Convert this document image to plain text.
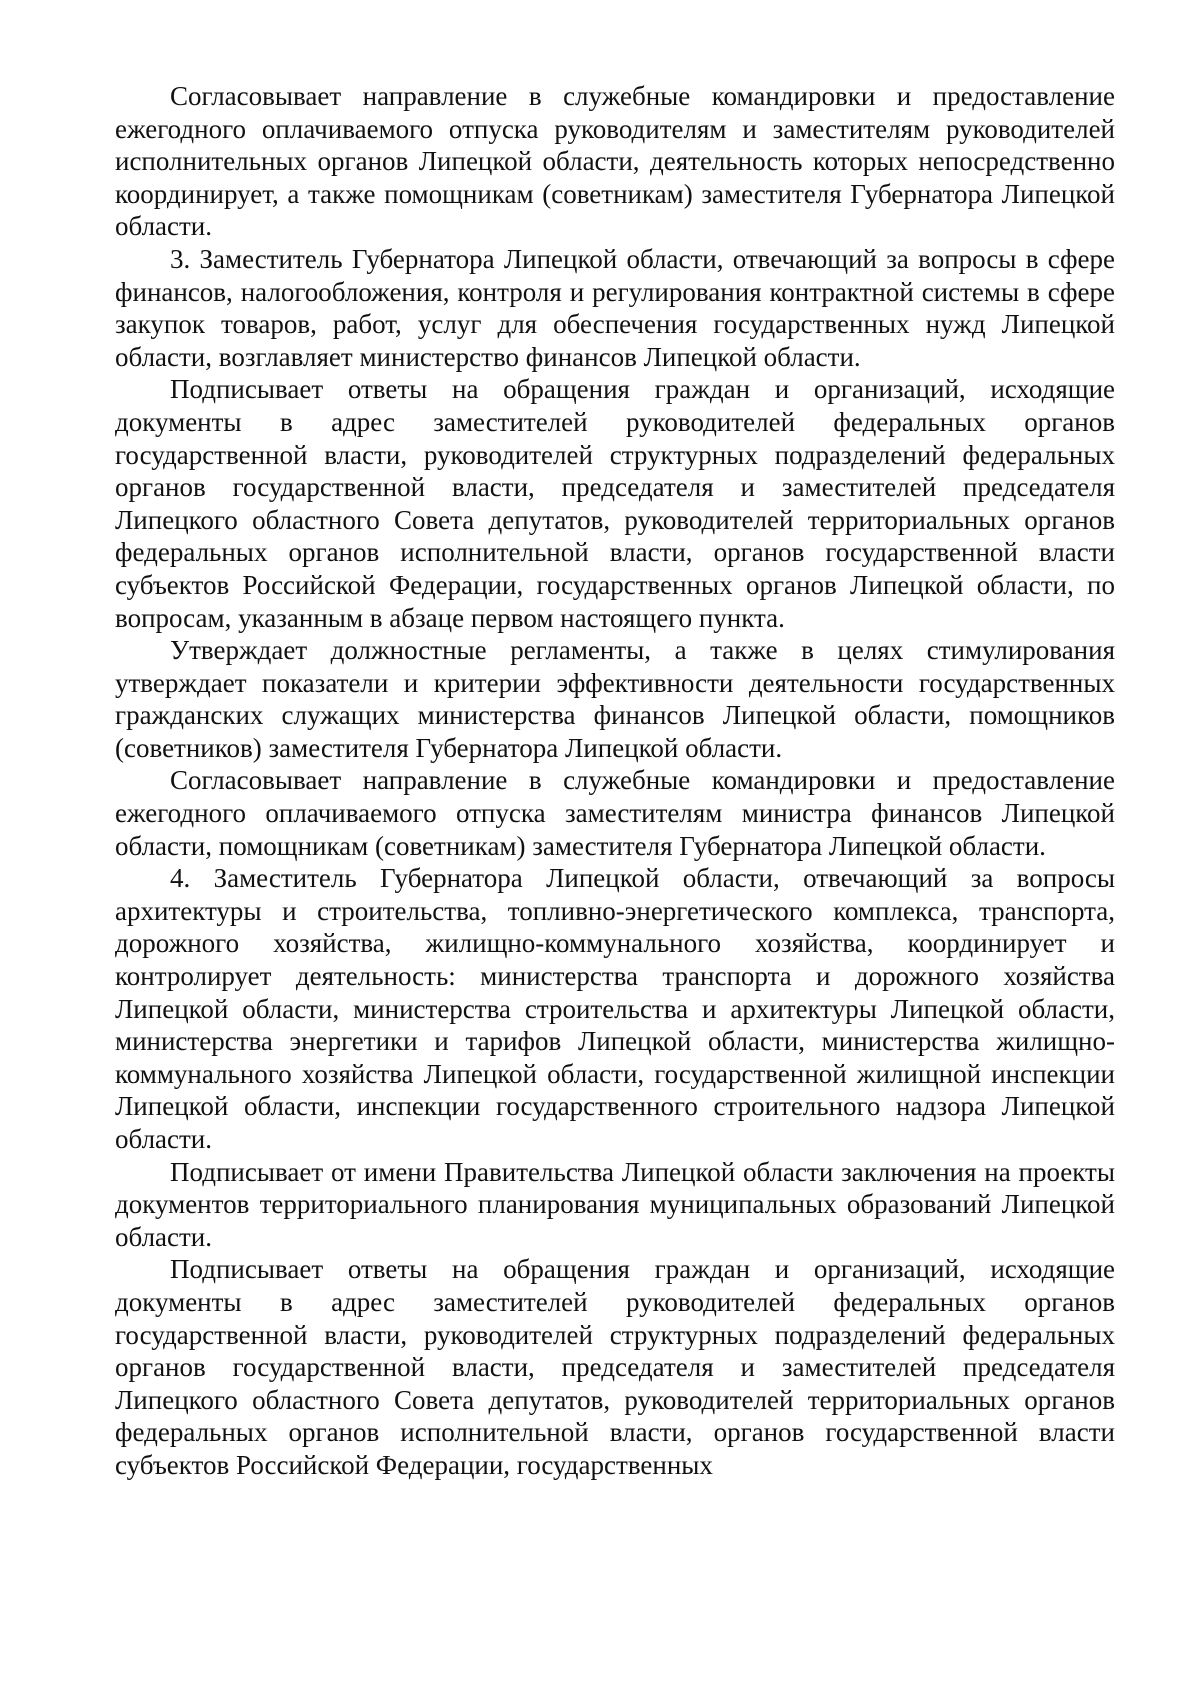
Согласовывает направление в служебные командировки и предоставление ежегодного оплачиваемого отпуска руководителям и заместителям руководителей исполнительных органов Липецкой области, деятельность которых непосредственно координирует, а также помощникам (советникам) заместителя Губернатора Липецкой области.

3. Заместитель Губернатора Липецкой области, отвечающий за вопросы в сфере финансов, налогообложения, контроля и регулирования контрактной системы в сфере закупок товаров, работ, услуг для обеспечения государственных нужд Липецкой области, возглавляет министерство финансов Липецкой области.

Подписывает ответы на обращения граждан и организаций, исходящие документы в адрес заместителей руководителей федеральных органов государственной власти, руководителей структурных подразделений федеральных органов государственной власти, председателя и заместителей председателя Липецкого областного Совета депутатов, руководителей территориальных органов федеральных органов исполнительной власти, органов государственной власти субъектов Российской Федерации, государственных органов Липецкой области, по вопросам, указанным в абзаце первом настоящего пункта.

Утверждает должностные регламенты, а также в целях стимулирования утверждает показатели и критерии эффективности деятельности государственных гражданских служащих министерства финансов Липецкой области, помощников (советников) заместителя Губернатора Липецкой области.

Согласовывает направление в служебные командировки и предоставление ежегодного оплачиваемого отпуска заместителям министра финансов Липецкой области, помощникам (советникам) заместителя Губернатора Липецкой области.

4. Заместитель Губернатора Липецкой области, отвечающий за вопросы архитектуры и строительства, топливно-энергетического комплекса, транспорта, дорожного хозяйства, жилищно-коммунального хозяйства, координирует и контролирует деятельность: министерства транспорта и дорожного хозяйства Липецкой области, министерства строительства и архитектуры Липецкой области, министерства энергетики и тарифов Липецкой области, министерства жилищно-коммунального хозяйства Липецкой области, государственной жилищной инспекции Липецкой области, инспекции государственного строительного надзора Липецкой области.

Подписывает от имени Правительства Липецкой области заключения на проекты документов территориального планирования муниципальных образований Липецкой области.

Подписывает ответы на обращения граждан и организаций, исходящие документы в адрес заместителей руководителей федеральных органов государственной власти, руководителей структурных подразделений федеральных органов государственной власти, председателя и заместителей председателя Липецкого областного Совета депутатов, руководителей территориальных органов федеральных органов исполнительной власти, органов государственной власти субъектов Российской Федерации, государственных
